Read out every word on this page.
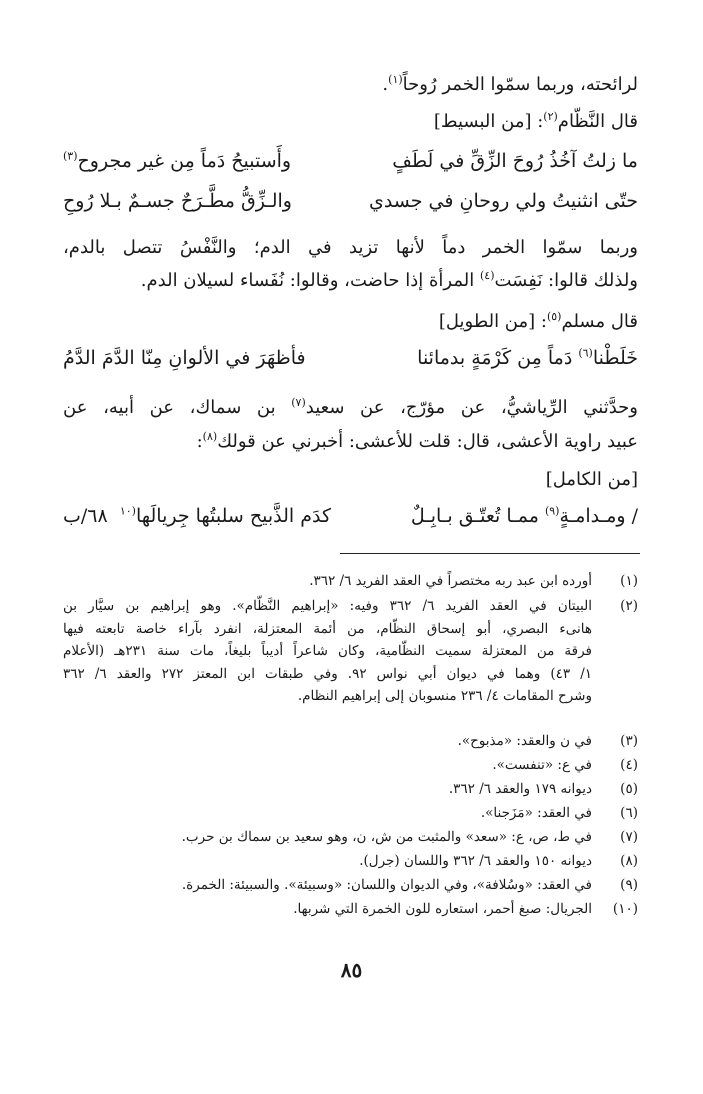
لرائحته، وربما سمّوا الخمر رُوحاً$^{(١)}$.
قال النَّظَّام$^{(٢)}$: [من البسيط]
ما زلتُ آخُذُ رُوحَ الزِّقِّ في لَطَفٍ
وأَستبيحُ دَماً مِن غير مجروح$^{(٣)}$
حتّى انثنيتُ ولي روحانِ في جسدي
والـزِّقُّ مطَّـرَحٌ جسـمٌ بـلا رُوحِ
وربما سمّوا الخمر دماً لأنها تزيد في الدم؛ والنَّفْسُ تتصل بالدم،
ولذلك قالوا: نَفِسَت$^{(٤)}$ المرأة إذا حاضت، وقالوا: نُفَساء لسيلان الدم.
قال مسلم$^{(٥)}$: [من الطويل]
خَلَطْنا$^{(٦)}$ دَماً مِن كَرْمَةٍ بدمائنا
فأظهَرَ في الألوانِ مِنّا الدَّمَ الدَّمُ
وحدَّثني الرِّياشيُّ، عن مؤرّج، عن سعيد$^{(٧)}$ بن سماك، عن أبيه، عن
عبيد راوية الأعشى، قال: قلت للأعشى: أخبرني عن قولك$^{(٨)}$:
[من الكامل]
/ ومـدامـةٍ$^{(٩)}$ ممـا تُعتّـق بـابِـلٌ
كدَم الذَّبيح سلبتُها جِريالَها$^{(١٠}$  ٦٨/ب
(١)
أورده ابن عبد ربه مختصراً في العقد الفريد ٦/ ٣٦٢.
(٢)
البيتان في العقد الفريد ٦/ ٣٦٢ وفيه: «إبراهيم النَّظَّام». وهو إبراهيم بن سيَّار بن
هانىء البصري، أبو إسحاق النظَّام، من أئمة المعتزلة، انفرد بآراء خاصة تابعته فيها
فرقة من المعتزلة سميت النظَّامية، وكان شاعراً أديباً بليغاً، مات سنة ٢٣١هـ (الأعلام
١/ ٤٣) وهما في ديوان أبي نواس ٩٢. وفي طبقات ابن المعتز ٢٧٢ والعقد ٦/ ٣٦٢
وشرح المقامات ٤/ ٢٣٦ منسوبان إلى إبراهيم النظام.
(٣)
في ن والعقد: «مذبوح».
(٤)
في ع: «تنفست».
(٥)
ديوانه ١٧٩ والعقد ٦/ ٣٦٢.
(٦)
في العقد: «مَزَجنا».
(٧)
في ط، ص، ع: «سعد» والمثبت من ش، ن، وهو سعيد بن سماك بن حرب.
(٨)
ديوانه ١٥٠ والعقد ٦/ ٣٦٢ واللسان (جرل).
(٩)
في العقد: «وسُلافة»، وفي الديوان واللسان: «وسبيئة». والسبيئة: الخمرة.
(١٠)
الجريال: صبغ أحمر، استعاره للون الخمرة التي شربها.
٨٥
